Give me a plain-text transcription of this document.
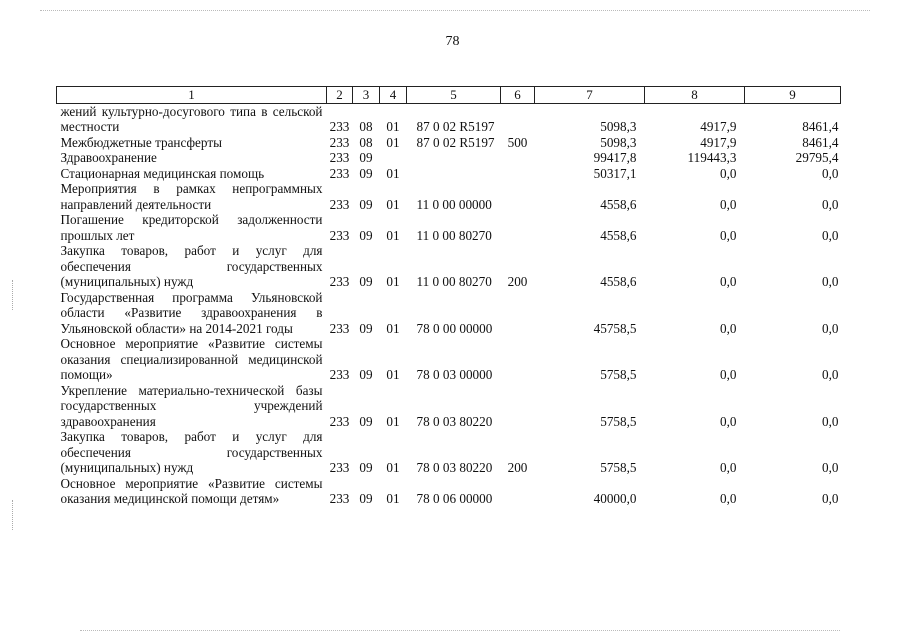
78
1	2	3	4	5	6	7	8	9
жений культурно-досугового типа в сельской местности	233	08	01	87 0 02 R5197		5098,3	4917,9	8461,4
Межбюджетные трансферты	233	08	01	87 0 02 R5197	500	5098,3	4917,9	8461,4
Здравоохранение	233	09				99417,8	119443,3	29795,4
Стационарная медицинская помощь	233	09	01			50317,1	0,0	0,0
Мероприятия в рамках непрограммных направлений деятельности	233	09	01	11 0 00 00000		4558,6	0,0	0,0
Погашение кредиторской задолженности прошлых лет	233	09	01	11 0 00 80270		4558,6	0,0	0,0
Закупка товаров, работ и услуг для обеспечения государственных (муниципальных) нужд	233	09	01	11 0 00 80270	200	4558,6	0,0	0,0
Государственная программа Ульяновской области «Развитие здравоохранения в Ульяновской области» на 2014-2021 годы	233	09	01	78 0 00 00000		45758,5	0,0	0,0
Основное мероприятие «Развитие системы оказания специализированной медицинской помощи»	233	09	01	78 0 03 00000		5758,5	0,0	0,0
Укрепление материально-технической базы государственных учреждений здравоохранения	233	09	01	78 0 03 80220		5758,5	0,0	0,0
Закупка товаров, работ и услуг для обеспечения государственных (муниципальных) нужд	233	09	01	78 0 03 80220	200	5758,5	0,0	0,0
Основное мероприятие «Развитие системы оказания медицинской помощи детям»	233	09	01	78 0 06 00000		40000,0	0,0	0,0
